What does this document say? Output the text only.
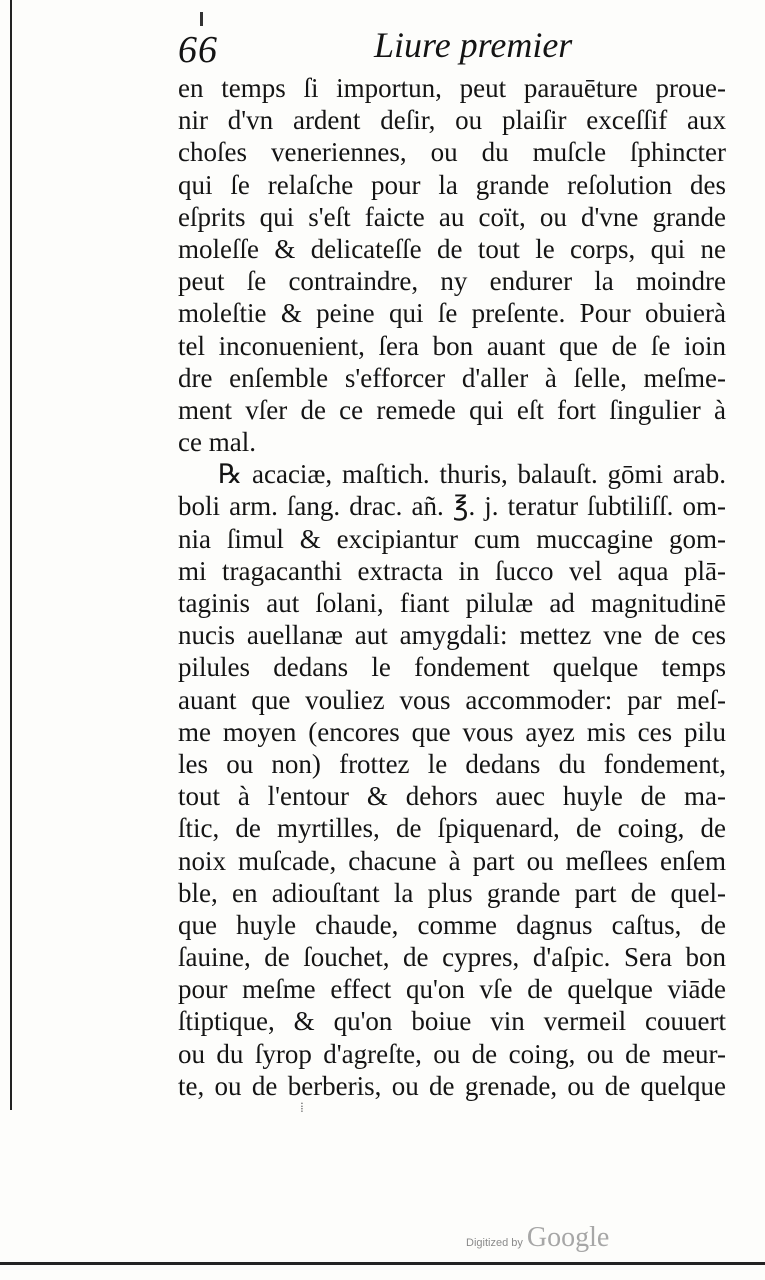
66	Liure premier
en temps ſi importun, peut parauēture proue-
nir d'vn ardent deſir, ou plaiſir exceſſif aux
choſes veneriennes, ou du muſcle ſphincter
qui ſe relaſche pour la grande reſolution des
eſprits qui s'eſt faicte au coït, ou d'vne grande
moleſſe & delicateſſe de tout le corps, qui ne
peut ſe contraindre, ny endurer la moindre
moleſtie & peine qui ſe preſente. Pour obuierà
tel inconuenient, ſera bon auant que de ſe ioin
dre enſemble s'efforcer d'aller à ſelle, meſme-
ment vſer de ce remede qui eſt fort ſingulier à
ce mal.
℞ acaciæ, maſtich. thuris, balauſt. gōmi arab.
boli arm. ſang. drac. añ. ℥. j. teratur ſubtiliſſ. om-
nia ſimul & excipiantur cum muccagine gom-
mi tragacanthi extracta in ſucco vel aqua plā-
taginis aut ſolani, fiant pilulæ ad magnitudinē
nucis auellanæ aut amygdali: mettez vne de ces
pilules dedans le fondement quelque temps
auant que vouliez vous accommoder: par meſ-
me moyen (encores que vous ayez mis ces pilu
les ou non) frottez le dedans du fondement,
tout à l'entour & dehors auec huyle de ma-
ſtic, de myrtilles, de ſpiquenard, de coing, de
noix muſcade, chacune à part ou meſlees enſem
ble, en adiouſtant la plus grande part de quel-
que huyle chaude, comme dagnus caſtus, de
ſauine, de ſouchet, de cypres, d'aſpic. Sera bon
pour meſme effect qu'on vſe de quelque viāde
ſtiptique, & qu'on boiue vin vermeil couuert
ou du ſyrop d'agreſte, ou de coing, ou de meur-
te, ou de berberis, ou de grenade, ou de quelque
⁞
Digitized by Google
